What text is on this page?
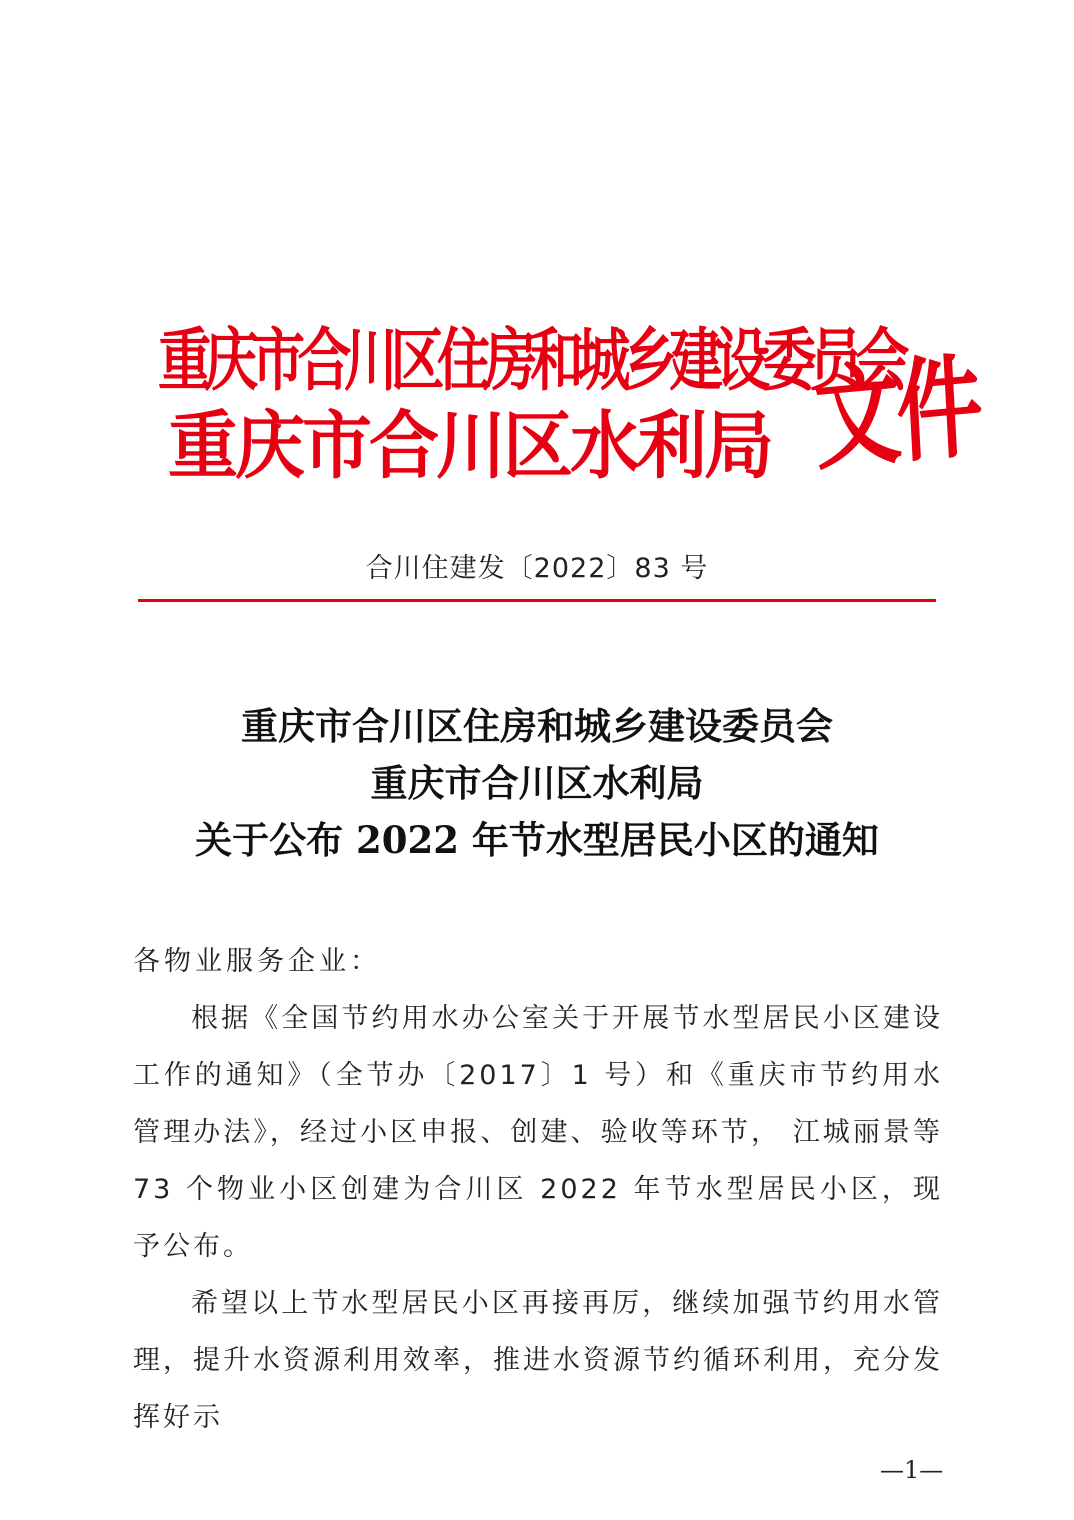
重庆市合川区住房和城乡建设委员会
重庆市合川区水利局 文件
合川住建发〔2022〕83 号
重庆市合川区住房和城乡建设委员会
重庆市合川区水利局
关于公布 2022 年节水型居民小区的通知
各物业服务企业：

根据《全国节约用水办公室关于开展节水型居民小区建设工作的通知》（全节办〔2017〕1 号）和《重庆市节约用水管理办法》，经过小区申报、创建、验收等环节， 江城丽景等 73 个物业小区创建为合川区 2022 年节水型居民小区，现予公布。

希望以上节水型居民小区再接再厉，继续加强节约用水管理，提升水资源利用效率，推进水资源节约循环利用，充分发挥好示

—1—
